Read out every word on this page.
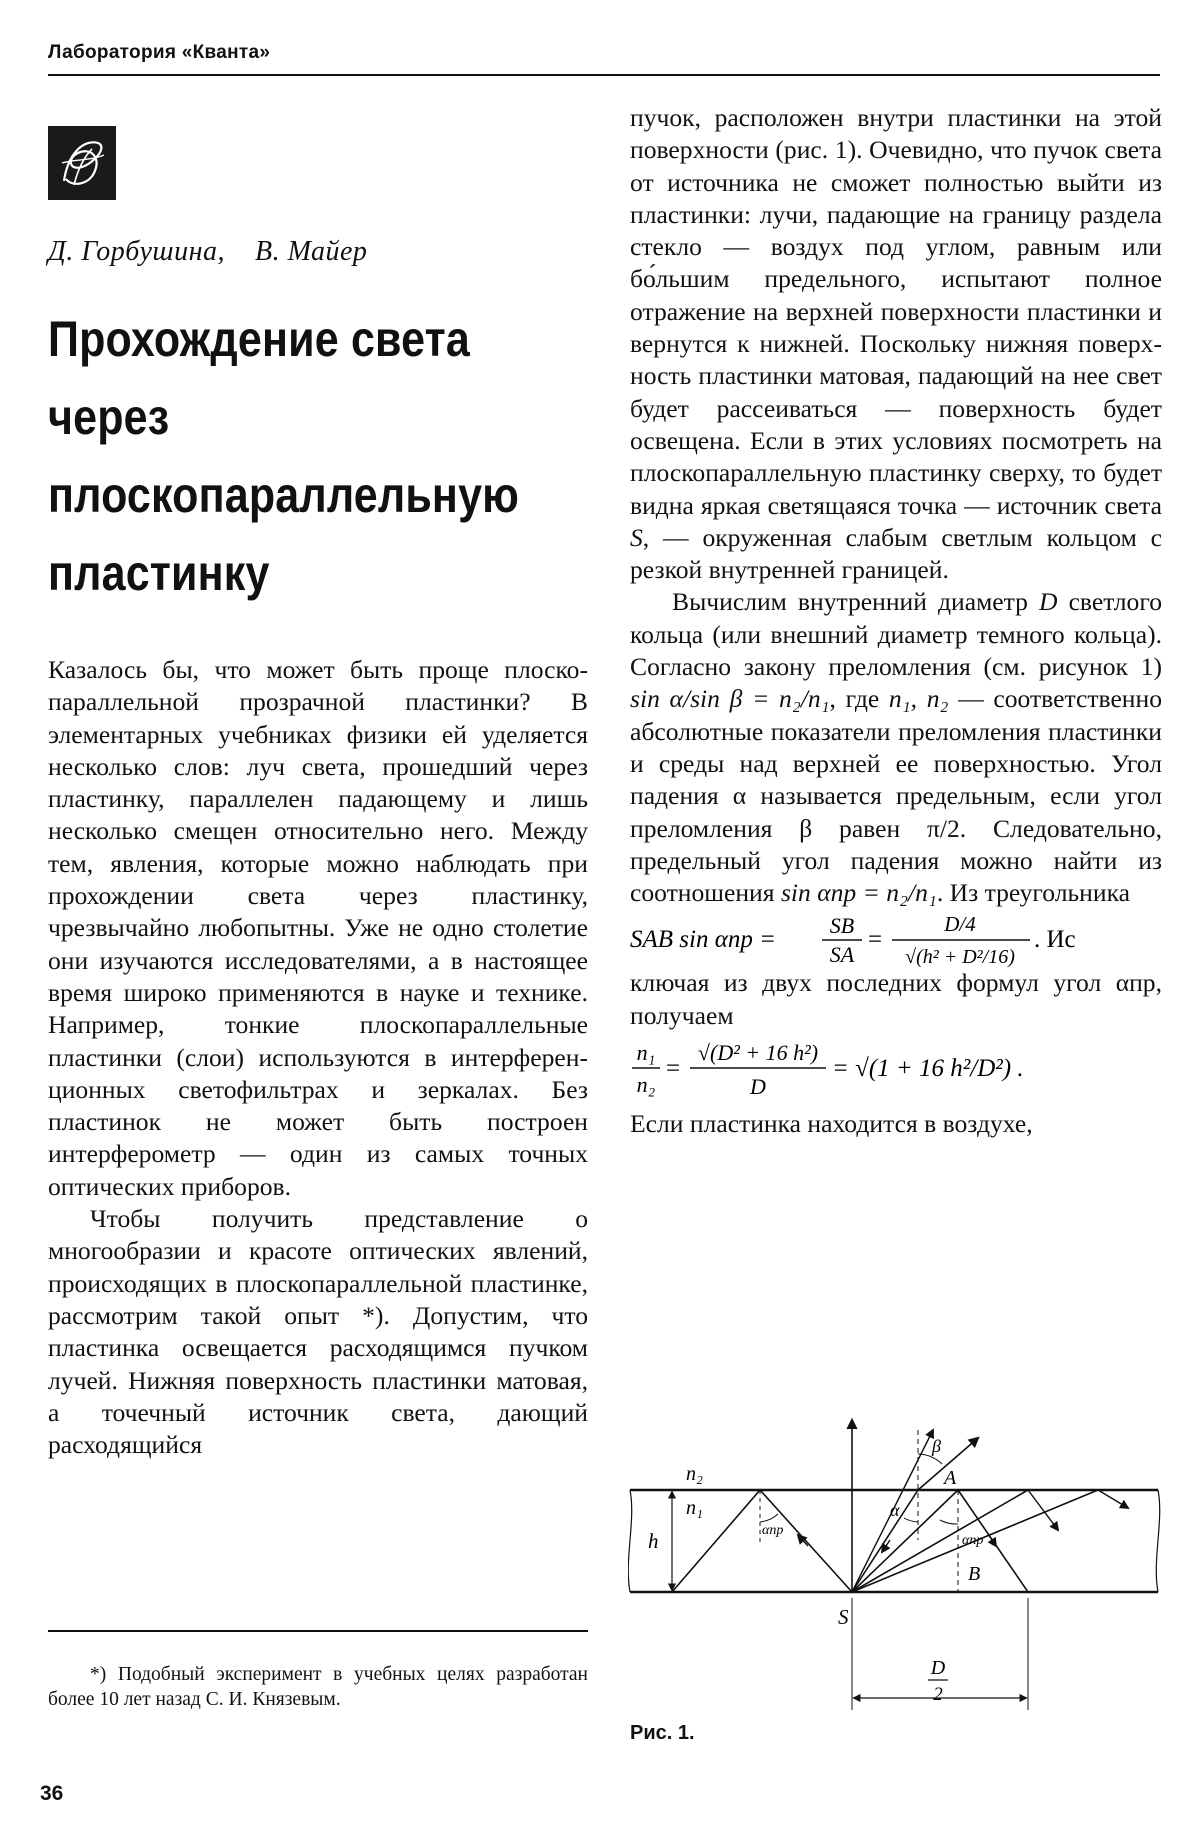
Лаборатория «Кванта»
Д. Горбушина, В. Майер
Прохождение света
через
плоскопараллельную
пластинку

Казалось бы, что может быть проще плоскопараллельной прозрачной пластинки? В элементарных учебниках физики ей уделяется несколько слов: луч света, прошедший через пластинку, параллелен падающему и лишь несколько смещен относительно него. Между тем, явления, которые можно наблюдать при прохождении света через пластинку, чрезвычайно любопытны. Уже не одно столетие они изучаются исследователями, а в настоящее время широко применяются в науке и технике. Например, тонкие плоскопараллельные пластинки (слои) используются в интерференционных светофильтрах и зеркалах. Без пластинок не может быть построен интерферометр — один из самых точных оптических приборов.

Чтобы получить представление о многообразии и красоте оптических явлений, происходящих в плоскопараллельной пластинке, рассмотрим такой опыт *). Допустим, что пластинка освещается расходящимся пучком лучей. Нижняя поверхность пластинки матовая, а точечный источник света, дающий расходящийся

пучок, расположен внутри пластинки на этой поверхности (рис. 1). Очевидно, что пучок света от источника не сможет полностью выйти из пластинки: лучи, падающие на границу раздела стекло — воздух под углом, равным или бо́льшим предельного, испытают полное отражение на верхней поверхности пластинки и вернутся к нижней. Поскольку нижняя поверхность пластинки матовая, падающий на нее свет будет рассеиваться — поверхность будет освещена. Если в этих условиях посмотреть на плоскопараллельную пластинку сверху, то будет видна яркая светящаяся точка — источник света S, — окруженная слабым светлым кольцом с резкой внутренней границей.

Вычислим внутренний диаметр D светлого кольца (или внешний диаметр темного кольца). Согласно закону преломления (см. рисунок 1) sin α/sin β = n₂/n₁, где n₁, n₂ — соответственно абсолютные показатели преломления пластинки и среды над верхней ее поверхностью. Угол падения α называется предельным, если угол преломления β равен π/2. Следовательно, предельный угол падения можно найти из соотношения sin αпр = n₂/n₁. Из треугольника

SAB sin αпр =
SB
SA
=
D/4
√(h² + D²/16)
. Ис

ключая из двух последних формул угол αпр, получаем

n₁
n₂
=
√(D² + 16 h²)
D
= √(1 + 16 h²/D²) .

Если пластинка находится в воздухе,

n₂
n₁
h	αпр
α
β
A
αпр
B
S
D
2
Рис. 1.
*) Подобный эксперимент в учебных целях разработан более 10 лет назад С. И. Князевым.
36
